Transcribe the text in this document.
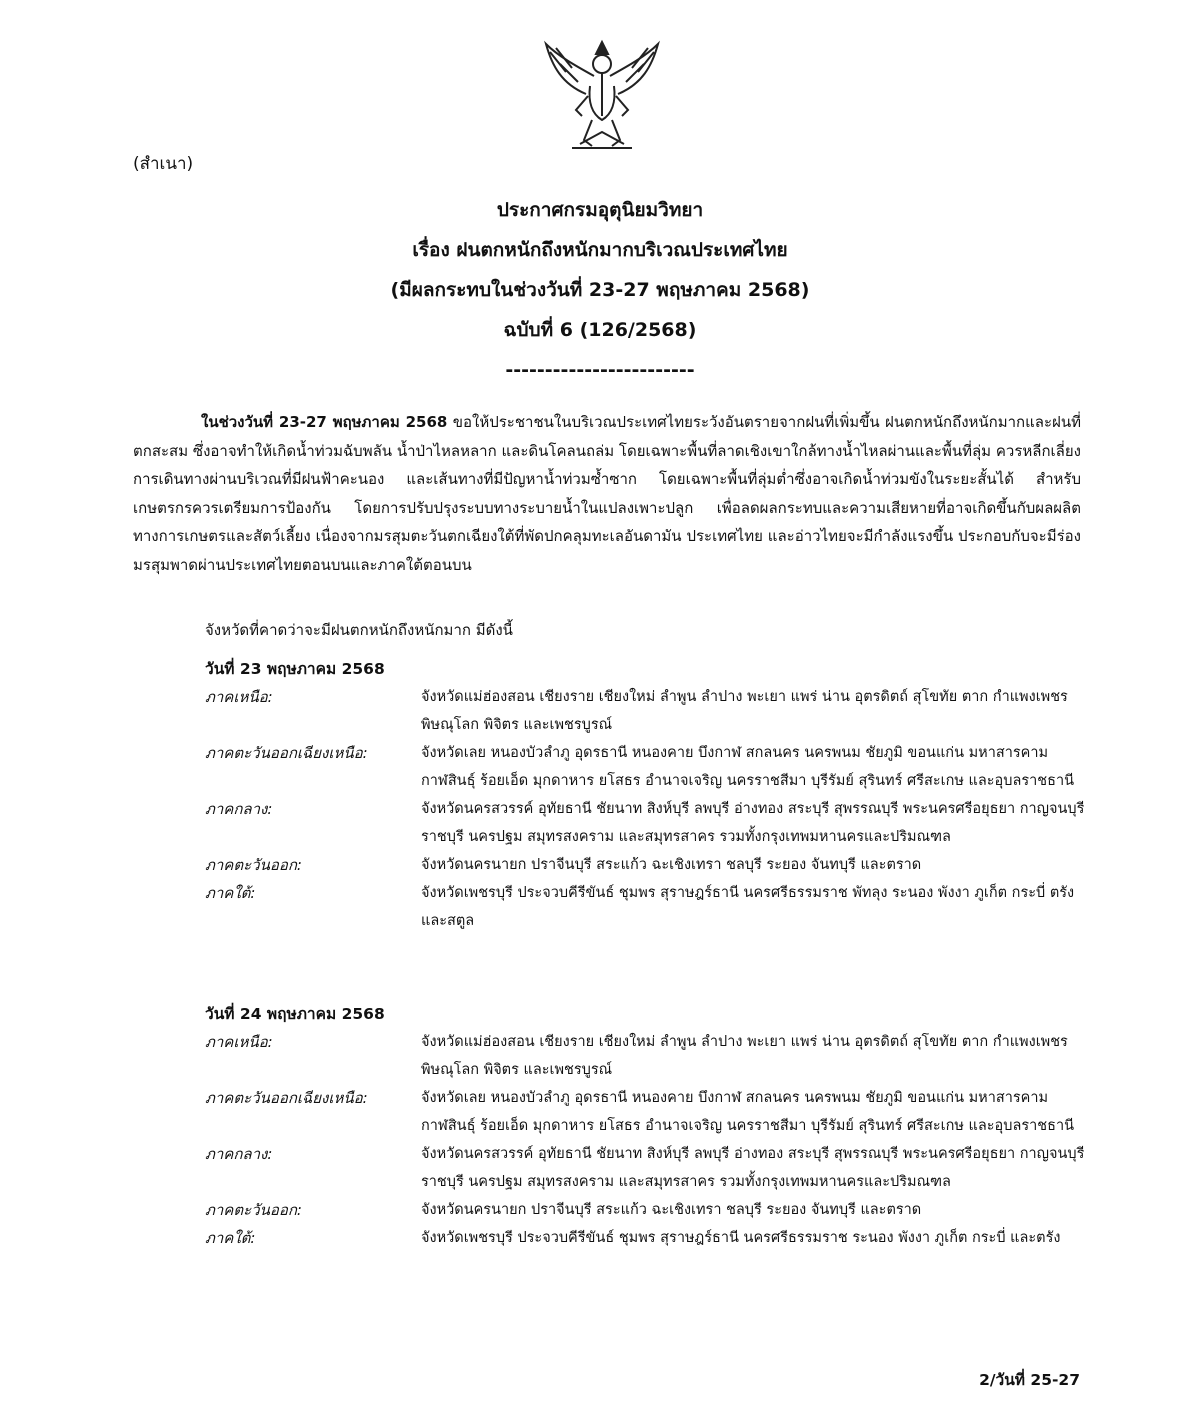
(สำเนา)
ประกาศกรมอุตุนิยมวิทยา
เรื่อง ฝนตกหนักถึงหนักมากบริเวณประเทศไทย
(มีผลกระทบในช่วงวันที่ 23-27 พฤษภาคม 2568)
ฉบับที่ 6 (126/2568)
------------------------
ในช่วงวันที่ 23-27 พฤษภาคม 2568 ขอให้ประชาชนในบริเวณประเทศไทยระวังอันตรายจากฝนที่เพิ่มขึ้น ฝนตกหนักถึงหนักมากและฝนที่ตกสะสม ซึ่งอาจทำให้เกิดน้ำท่วมฉับพลัน น้ำป่าไหลหลาก และดินโคลนถล่ม โดยเฉพาะพื้นที่ลาดเชิงเขาใกล้ทางน้ำไหลผ่านและพื้นที่ลุ่ม ควรหลีกเลี่ยงการเดินทางผ่านบริเวณที่มีฝนฟ้าคะนอง และเส้นทางที่มีปัญหาน้ำท่วมซ้ำซาก โดยเฉพาะพื้นที่ลุ่มต่ำซึ่งอาจเกิดน้ำท่วมขังในระยะสั้นได้ สำหรับเกษตรกรควรเตรียมการป้องกัน โดยการปรับปรุงระบบทางระบายน้ำในแปลงเพาะปลูก เพื่อลดผลกระทบและความเสียหายที่อาจเกิดขึ้นกับผลผลิตทางการเกษตรและสัตว์เลี้ยง เนื่องจากมรสุมตะวันตกเฉียงใต้ที่พัดปกคลุมทะเลอันดามัน ประเทศไทย และอ่าวไทยจะมีกำลังแรงขึ้น ประกอบกับจะมีร่องมรสุมพาดผ่านประเทศไทยตอนบนและภาคใต้ตอนบน
จังหวัดที่คาดว่าจะมีฝนตกหนักถึงหนักมาก มีดังนี้
วันที่ 23 พฤษภาคม 2568
ภาคเหนือ:	จังหวัดแม่ฮ่องสอน เชียงราย เชียงใหม่ ลำพูน ลำปาง พะเยา แพร่ น่าน อุตรดิตถ์ สุโขทัย ตาก กำแพงเพชร พิษณุโลก พิจิตร และเพชรบูรณ์
ภาคตะวันออกเฉียงเหนือ:	จังหวัดเลย หนองบัวลำภู อุดรธานี หนองคาย บึงกาฬ สกลนคร นครพนม ชัยภูมิ ขอนแก่น มหาสารคาม กาฬสินธุ์ ร้อยเอ็ด มุกดาหาร ยโสธร อำนาจเจริญ นครราชสีมา บุรีรัมย์ สุรินทร์ ศรีสะเกษ และอุบลราชธานี
ภาคกลาง:	จังหวัดนครสวรรค์ อุทัยธานี ชัยนาท สิงห์บุรี ลพบุรี อ่างทอง สระบุรี สุพรรณบุรี พระนครศรีอยุธยา กาญจนบุรี ราชบุรี นครปฐม สมุทรสงคราม และสมุทรสาคร รวมทั้งกรุงเทพมหานครและปริมณฑล
ภาคตะวันออก:	จังหวัดนครนายก ปราจีนบุรี สระแก้ว ฉะเชิงเทรา ชลบุรี ระยอง จันทบุรี และตราด
ภาคใต้:	จังหวัดเพชรบุรี ประจวบคีรีขันธ์ ชุมพร สุราษฎร์ธานี นครศรีธรรมราช พัทลุง ระนอง พังงา ภูเก็ต กระบี่ ตรัง และสตูล
วันที่ 24 พฤษภาคม 2568
ภาคเหนือ:	จังหวัดแม่ฮ่องสอน เชียงราย เชียงใหม่ ลำพูน ลำปาง พะเยา แพร่ น่าน อุตรดิตถ์ สุโขทัย ตาก กำแพงเพชร พิษณุโลก พิจิตร และเพชรบูรณ์
ภาคตะวันออกเฉียงเหนือ:	จังหวัดเลย หนองบัวลำภู อุดรธานี หนองคาย บึงกาฬ สกลนคร นครพนม ชัยภูมิ ขอนแก่น มหาสารคาม กาฬสินธุ์ ร้อยเอ็ด มุกดาหาร ยโสธร อำนาจเจริญ นครราชสีมา บุรีรัมย์ สุรินทร์ ศรีสะเกษ และอุบลราชธานี
ภาคกลาง:	จังหวัดนครสวรรค์ อุทัยธานี ชัยนาท สิงห์บุรี ลพบุรี อ่างทอง สระบุรี สุพรรณบุรี พระนครศรีอยุธยา กาญจนบุรี ราชบุรี นครปฐม สมุทรสงคราม และสมุทรสาคร รวมทั้งกรุงเทพมหานครและปริมณฑล
ภาคตะวันออก:	จังหวัดนครนายก ปราจีนบุรี สระแก้ว ฉะเชิงเทรา ชลบุรี ระยอง จันทบุรี และตราด
ภาคใต้:	จังหวัดเพชรบุรี ประจวบคีรีขันธ์ ชุมพร สุราษฎร์ธานี นครศรีธรรมราช ระนอง พังงา ภูเก็ต กระบี่ และตรัง
2/วันที่ 25-27
